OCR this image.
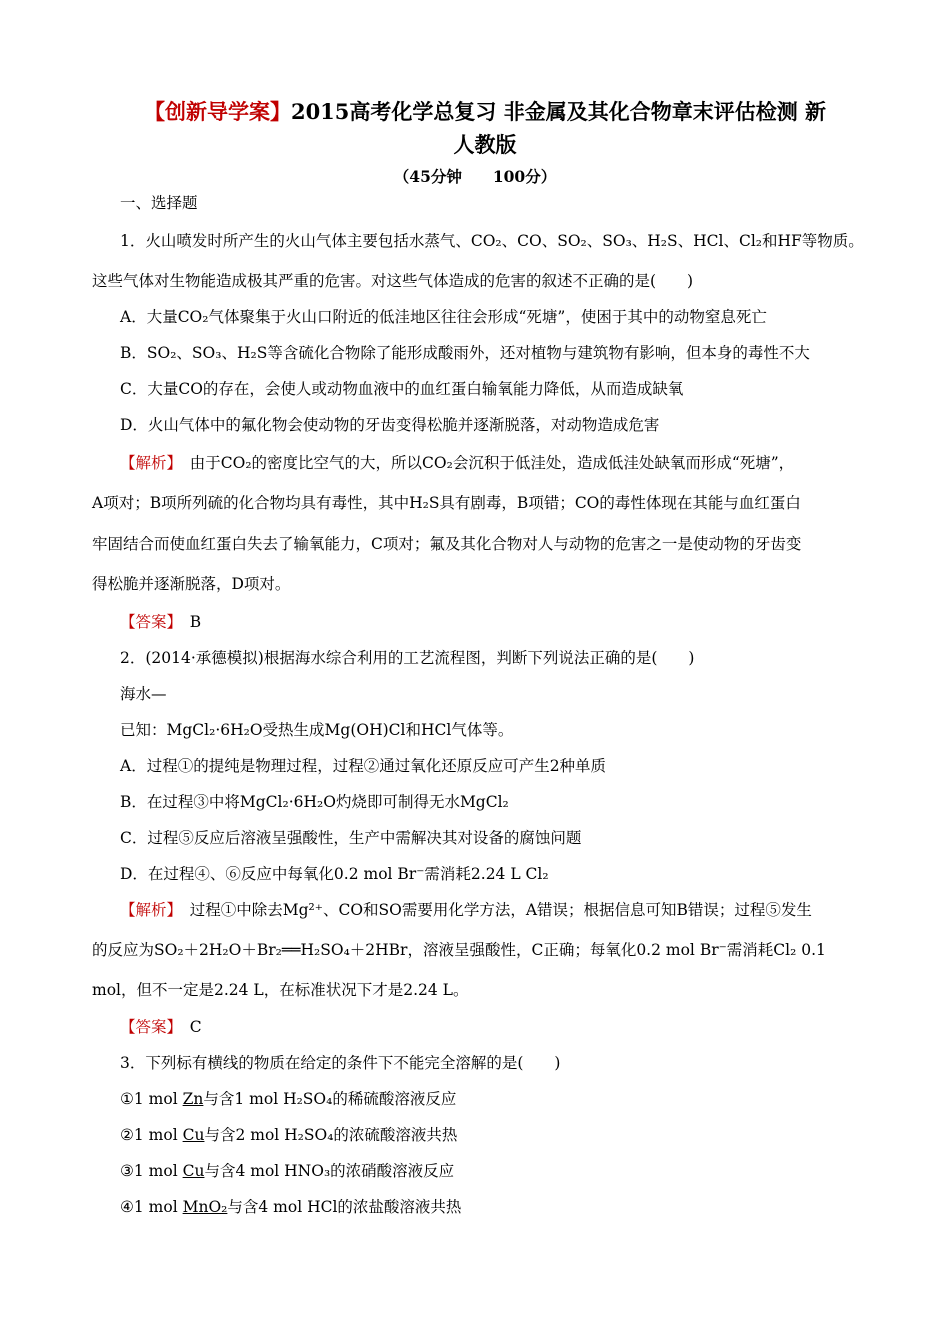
【创新导学案】2015高考化学总复习 非金属及其化合物章末评估检测 新
人教版
（45分钟　　100分）
一、选择题
1．火山喷发时所产生的火山气体主要包括水蒸气、CO₂、CO、SO₂、SO₃、H₂S、HCl、Cl₂和HF等物质。
这些气体对生物能造成极其严重的危害。对这些气体造成的危害的叙述不正确的是(　　)
A．大量CO₂气体聚集于火山口附近的低洼地区往往会形成“死塘”，使困于其中的动物窒息死亡
B．SO₂、SO₃、H₂S等含硫化合物除了能形成酸雨外，还对植物与建筑物有影响，但本身的毒性不大
C．大量CO的存在，会使人或动物血液中的血红蛋白输氧能力降低，从而造成缺氧
D．火山气体中的氟化物会使动物的牙齿变得松脆并逐渐脱落，对动物造成危害
【解析】　由于CO₂的密度比空气的大，所以CO₂会沉积于低洼处，造成低洼处缺氧而形成“死塘”，
A项对；B项所列硫的化合物均具有毒性，其中H₂S具有剧毒，B项错；CO的毒性体现在其能与血红蛋白
牢固结合而使血红蛋白失去了输氧能力，C项对；氟及其化合物对人与动物的危害之一是使动物的牙齿变
得松脆并逐渐脱落，D项对。
【答案】　B
2．(2014·承德模拟)根据海水综合利用的工艺流程图，判断下列说法正确的是(　　)
海水—
已知：MgCl₂·6H₂O受热生成Mg(OH)Cl和HCl气体等。
A．过程①的提纯是物理过程，过程②通过氧化还原反应可产生2种单质
B．在过程③中将MgCl₂·6H₂O灼烧即可制得无水MgCl₂
C．过程⑤反应后溶液呈强酸性，生产中需解决其对设备的腐蚀问题
D．在过程④、⑥反应中每氧化0.2 mol Br⁻需消耗2.24 L Cl₂
【解析】　过程①中除去Mg²⁺、CO和SO需要用化学方法，A错误；根据信息可知B错误；过程⑤发生
的反应为SO₂＋2H₂O＋Br₂══H₂SO₄＋2HBr，溶液呈强酸性，C正确；每氧化0.2 mol Br⁻需消耗Cl₂ 0.1
mol，但不一定是2.24 L，在标准状况下才是2.24 L。
【答案】　C
3．下列标有横线的物质在给定的条件下不能完全溶解的是(　　)
①1 mol Zn与含1 mol H₂SO₄的稀硫酸溶液反应
②1 mol Cu与含2 mol H₂SO₄的浓硫酸溶液共热
③1 mol Cu与含4 mol HNO₃的浓硝酸溶液反应
④1 mol MnO₂与含4 mol HCl的浓盐酸溶液共热
